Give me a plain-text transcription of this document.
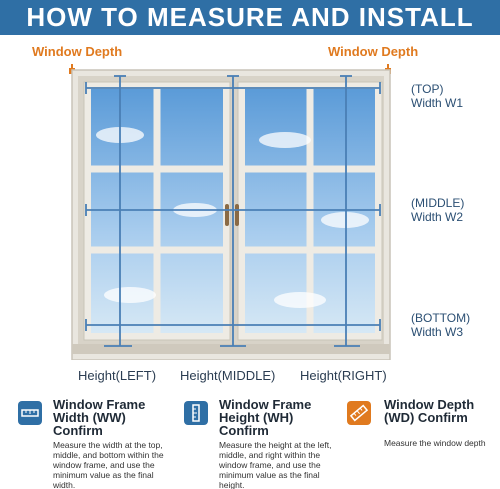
HOW TO MEASURE AND INSTALL
Window Depth	Window Depth
(TOP)
Width W1
(MIDDLE)
Width W2
(BOTTOM)
Width W3
Height(LEFT) Height(MIDDLE) Height(RIGHT)
Window Frame
Width (WW)
Confirm
Measure the width at the top, middle, and bottom within the window frame, and use the minimum value as the final width.
Window Frame
Height (WH)
Confirm
Measure the height at the left, middle, and right within the window frame, and use the minimum value as the final height.
Window Depth
(WD) Confirm
Measure the window depth
